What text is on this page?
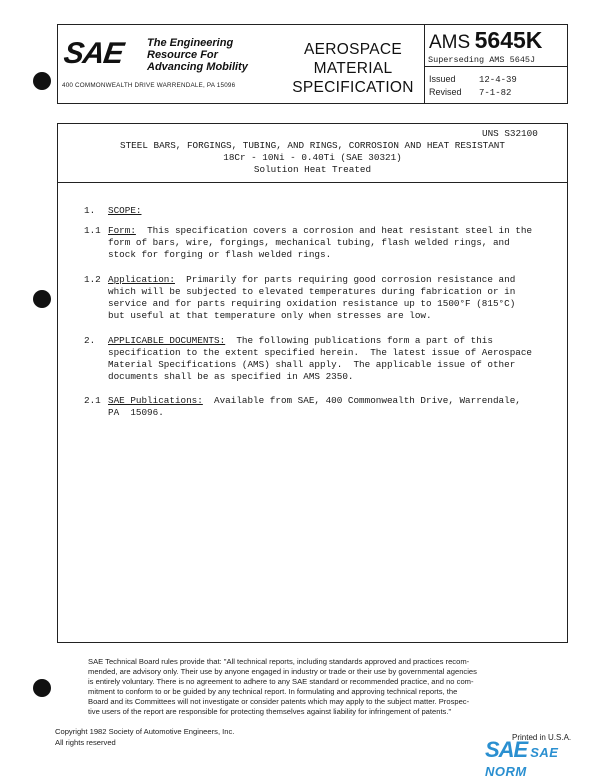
SAE The Engineering
Resource For
Advancing Mobility
400 COMMONWEALTH DRIVE WARRENDALE, PA 15096
AEROSPACE
MATERIAL
SPECIFICATION
AMS 5645K
Superseding AMS 5645J
Issued	12-4-39
Revised 7-1-82
UNS S32100
STEEL BARS, FORGINGS, TUBING, AND RINGS, CORROSION AND HEAT RESISTANT
18Cr - 10Ni - 0.40Ti (SAE 30321)
Solution Heat Treated
1. SCOPE:
1.1 Form:  This specification covers a corrosion and heat resistant steel in the
form of bars, wire, forgings, mechanical tubing, flash welded rings, and
stock for forging or flash welded rings.
1.2 Application:  Primarily for parts requiring good corrosion resistance and
which will be subjected to elevated temperatures during fabrication or in
service and for parts requiring oxidation resistance up to 1500°F (815°C)
but useful at that temperature only when stresses are low.
2. APPLICABLE DOCUMENTS:  The following publications form a part of this
specification to the extent specified herein.  The latest issue of Aerospace
Material Specifications (AMS) shall apply.  The applicable issue of other
documents shall be as specified in AMS 2350.
2.1 SAE Publications:  Available from SAE, 400 Commonwealth Drive, Warrendale,
PA  15096.
SAE Technical Board rules provide that: "All technical reports, including standards approved and practices recom-
mended, are advisory only. Their use by anyone engaged in industry or trade or their use by governmental agencies
is entirely voluntary. There is no agreement to adhere to any SAE standard or recommended practice, and no com-
mitment to conform to or be guided by any technical report. In formulating and approving technical reports, the
Board and its Committees will not investigate or consider patents which may apply to the subject matter. Prospec-
tive users of the report are responsible for protecting themselves against liability for infringement of patents."
Copyright 1982 Society of Automotive Engineers, Inc.
All rights reserved
Printed in U.S.A.
SAE SAE NORM
